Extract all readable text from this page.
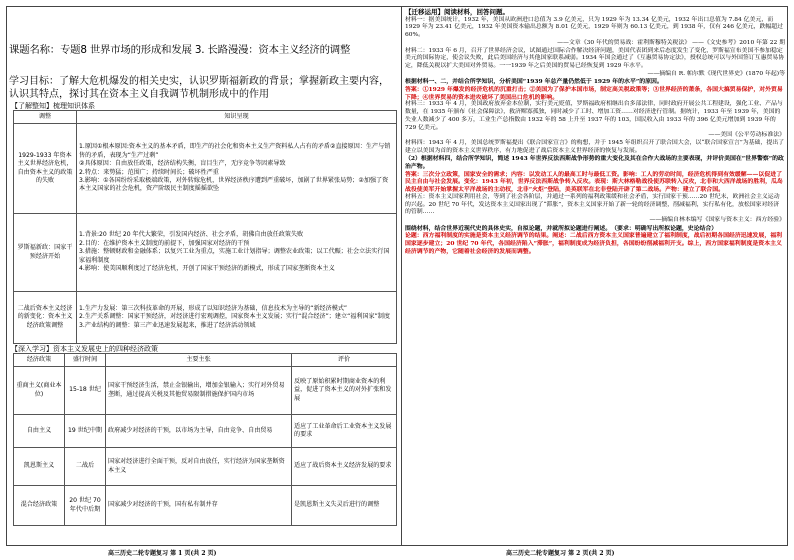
课题名称：专题8 世界市场的形成和发展 3. 长路漫漫：资本主义经济的调整
学习目标：了解大危机爆发的相关史实，认识罗斯福新政的背景；掌握新政主要内容，认识其特点，探讨其在资本主义自我调节机制形成中的作用
【了解整知】梳理知识体系
调整	知识呈现
1929-1933 年资本主义世界经济危机，自由资本主义的政策的失败	1.原因①根本原因:资本主义的基本矛盾，即生产的社会化和资本主义生产资料私人占有的矛盾②直接原因：生产与销售的矛盾，表现为“生产过剩”
②具体原因：自由放任政策，经济结构失衡，盲目生产，无序竞争等因素导致
2.特点：来势猛；范围广；持续时间长；破坏性严重
3.影响：①各国纷纷采取极端政策，对外转嫁危机，世界经济秩序遭到严重破坏，加剧了世界紧张局势；②加强了资本主义国家的社会危机，资产阶级民主制度摇摇欲坠
罗斯福新政：国家干预经济开始	1.背景:20 世纪 20 年代大繁荣，引发国内经济、社会矛盾，胡佛自由放任政策失败
2.目的：在维护资本主义制度的前提下，加强国家对经济的干预
3.措施：整顿财政和金融体系；以复兴工业为重点，实施工业计划指导；调整农业政策；以工代赈；社会立法实行国家福利制度
4.影响：使美国顺利度过了经济危机，开创了国家干预经济的新模式，形成了国家垄断资本主义
二战后资本主义经济的新变化：资本主义经济政策调整	1.生产力发展：第三次科技革命的开展，形成了以知识经济为基础，信息技术为主导的“新经济模式”
2.生产关系调整：国家干预经济，对经济进行宏观调控，国家资本主义发展；实行“混合经济”；建立“福利国家”制度
3.产业结构的调整：第三产业迅速发展起来，推进了经济活动领域
【深入学习】资本主义发展史上的四种经济政策
经济政策	盛行时间	主要主张	评价
重商主义(商业本位)	15-18 世纪	国家干预经济生活，禁止金银输出，增加金银输入；实行对外贸易垄断，通过提高关税及其他贸易限制措施保护国内市场	反映了原始积累时期商业资本的利益，促进了资本主义的对外扩张和发展
自由主义	19 世纪中期	政府减少对经济的干预，以市场为主导，自由竞争、自由贸易	适应了工业革命后工业资本主义发展的要求
凯恩斯主义	二战后	国家对经济进行全面干预，反对自由放任，实行经济为国家垄断资本主义	适应了战后资本主义经济发展的要求
混合经济政策	20 世纪 70 年代中后期	国家减少对经济的干预，国有私有制并存	是凯恩斯主义失灵后进行的调整

【迁移运用】阅读材料，回答问题。

材料一：据美国统计，1932 年，美国从欧洲进口总值为 3.9 亿美元，只为 1929 年为 13.34 亿美元，1932 年出口总值为 7.84 亿美元，而 1929 年为 23.41 亿美元，1932 年美国资本输出总额为 8.01 亿美元，1929 年则为 60.13 亿美元，到 1938 年，仅有 246 亿美元，跌幅超过 60%。

——文章《30 年代的贸易战：霍利斯穆特关税法》 ——《文史参考》2010 年第 22 期

材料二：1933 年 6 月，召开了世界经济会议，试图通过国际合作解决经济问题，美国代表团到来后态度发生了变化，罗斯福宣布美国不参加稳定美元的国际协定，使会议失败，此后美国经济与其他国家联系减弱。1934 年国会通过了《互惠贸易协定法》，授权总统可以与外国签订互惠贸易协定，降低关税以扩大美国对外贸易。一一1939 年之后美国的贸易已经恢复到 1929 年水平。

——摘编自 R. 帕尔默《现代世界史》(1870 年起)等

根据材料一、二，并结合所学知识，分析美国“1939 年总产量仍然低于 1929 年的水平”的原因。

答案：①1929 年爆发的经济危机的沉重打击；②美国为了保护本国市场，制定高关税政策等；③世界经济的萧条，各国大搞贸易保护，对外贸易下降；④世界贸易的资本进攻破坏了美国出口危机的影响。

材料三：1933 年 4 月，美国政府放弃金本位制，实行美元贬值，罗斯福政府相继出台多部法律，同时政府开展公共工程建设，强化工业、产品与数量，在 1935 年颁布《社会保障法》，救济鳏寡孤独，同时减少了工时、增加工资……对经济进行管制。据统计，1933 年至 1939 年，美国的失业人数减少了 400 多万，工业生产总指数由 1932 年的 58 上升至 1937 年的 103，国民收入由 1933 年的 396 亿美元增加到 1939 年的 729 亿美元。

——美国《公平劳动标准法》

材料四：1943 年 4 月，美国总统罗斯福提出《联合国家宣言》的构想，并于 1945 年组织召开了联合国大会，以“联合国家宣言”为基础，提出了建立以美国为首的资本主义世界秩序，有力地促进了战后资本主义世界经济的恢复与发展。

（2）根据材料四，结合所学知识，简述 1943 年世界反法西斯战争形势的重大变化及其在合作大战场的主要表现，并评价美国在“世界警察”的政治产物。

答案：三次分立政策，国家安全的需求；内容：以发动工人的最高工时与最低工资。影响：工人的劳动时间，经济危机得到有效缓解——以促进了民主自由与社会发展。变化：1943 年初，世界反法西斯战争转入反攻。表现：斯大林格勒战役使苏联转入反攻，北非和大西洋战场的胜利，瓜岛战役使美军开始掌握太平洋战场的主动权，北非“火炬”登陆，美英联军在北非登陆开辟了第二战场。产物：建立了联合国。

材料五：资本主义国家利用社会，等到了社会各阶层，并通过一系列的福利政策缓和社会矛盾，实行国家干预……20 世纪末，欧洲社会主义运动的兴起。20 世纪 70 年代，发达资本主义国家出现了“滞胀”，资本主义国家开始了新一轮的经济调整，削减福利，实行私有化，放松国家对经济的管制……

——摘编自林本编写《国家与资本主义：西方经验》

围绕材料，结合世界近现代史的具体史实，自拟论题，并就所拟论题进行阐述。（要求：明确写出所拟论题，史论结合）

论题：西方福利制度的实施是资本主义经济调节的结果。阐述：二战后西方资本主义国家普遍建立了福利制度，战后初期各国经济迅速发展，福利国家逐步建立；20 世纪 70 年代，各国经济陷入“滞胀”，福利制度成为经济负担，各国纷纷削减福利开支。综上，西方国家福利制度是资本主义经济调节的产物，它随着社会经济的发展而调整。

高三历史二轮专题复习 第 1 页(共 2 页)	高三历史二轮专题复习 第 2 页(共 2 页)
